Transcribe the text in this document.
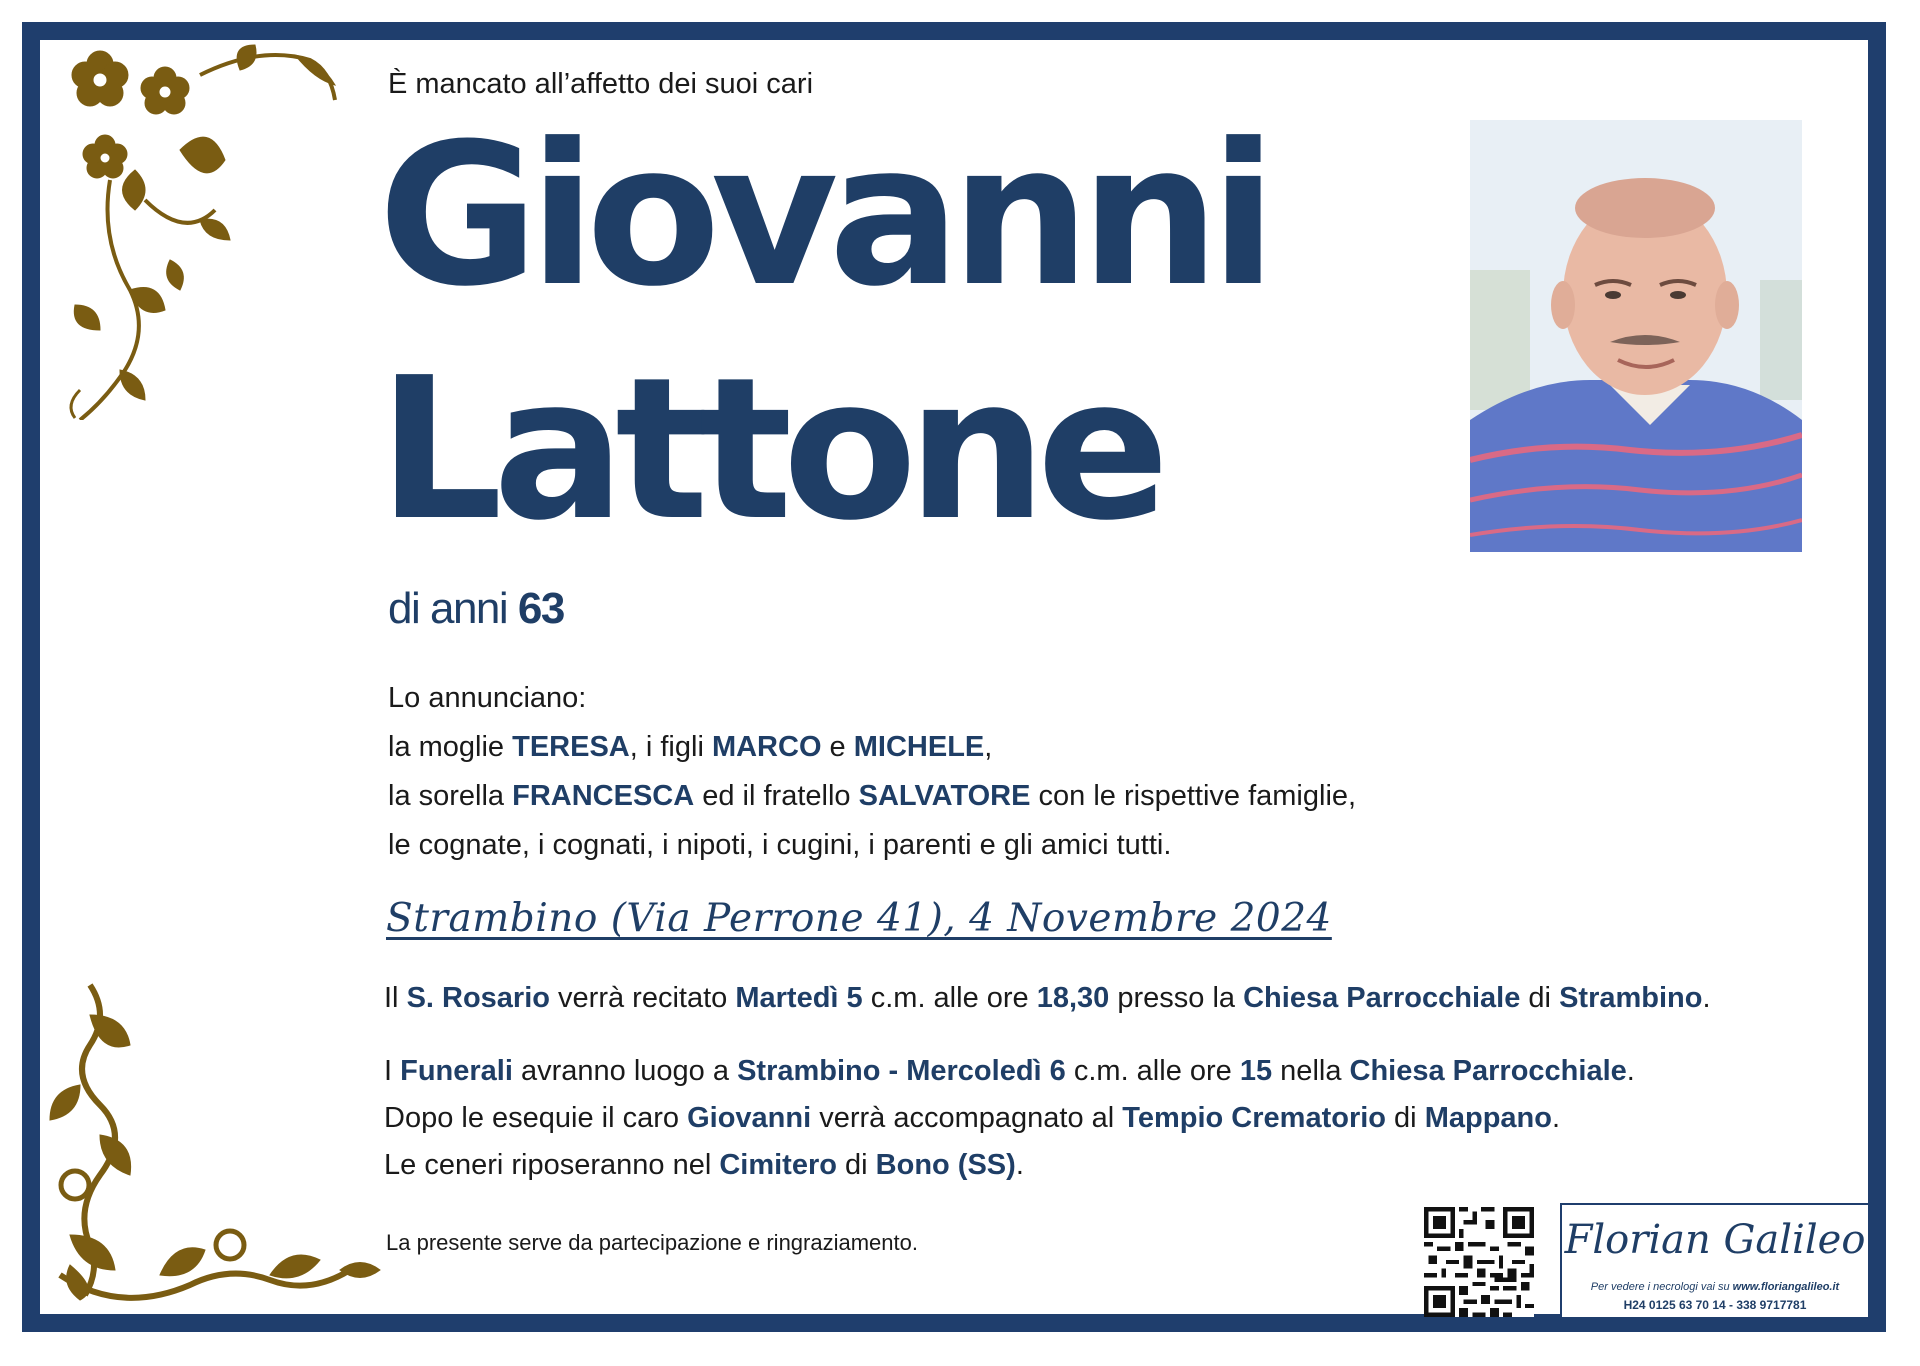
È mancato all’affetto dei suoi cari
Giovanni
Lattone
di anni 63
Lo annunciano:
la moglie TERESA, i figli MARCO e MICHELE,
la sorella FRANCESCA ed il fratello SALVATORE con le rispettive famiglie,
le cognate, i cognati, i nipoti, i cugini, i parenti e gli amici tutti.
Strambino (Via Perrone 41), 4 Novembre 2024
Il S. Rosario verrà recitato Martedì 5 c.m. alle ore 18,30 presso la Chiesa Parrocchiale di Strambino.
I Funerali avranno luogo a Strambino - Mercoledì 6 c.m. alle ore 15 nella Chiesa Parrocchiale.
Dopo le esequie il caro Giovanni verrà accompagnato al Tempio Crematorio di Mappano.
Le ceneri riposeranno nel Cimitero di Bono (SS).
La presente serve da partecipazione e ringraziamento.	Florian Galileo
Per vedere i necrologi vai su www.floriangalileo.it
H24 0125 63 70 14 - 338 9717781
